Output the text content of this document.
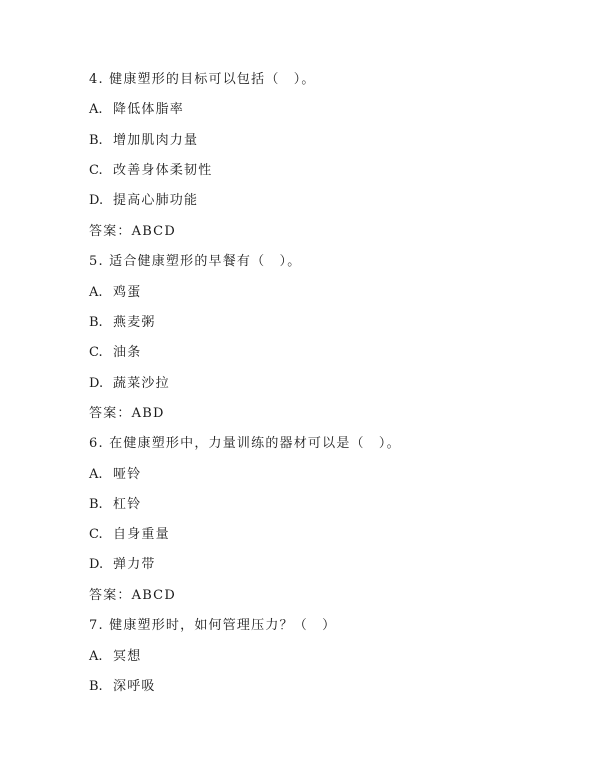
4. 健康塑形的目标可以包括（　）。
A. 降低体脂率
B. 增加肌肉力量
C. 改善身体柔韧性
D. 提高心肺功能
答案：ABCD
5. 适合健康塑形的早餐有（　）。
A. 鸡蛋
B. 燕麦粥
C. 油条
D. 蔬菜沙拉
答案：ABD
6. 在健康塑形中，力量训练的器材可以是（　）。
A. 哑铃
B. 杠铃
C. 自身重量
D. 弹力带
答案：ABCD
7. 健康塑形时，如何管理压力？（　）
A. 冥想
B. 深呼吸
